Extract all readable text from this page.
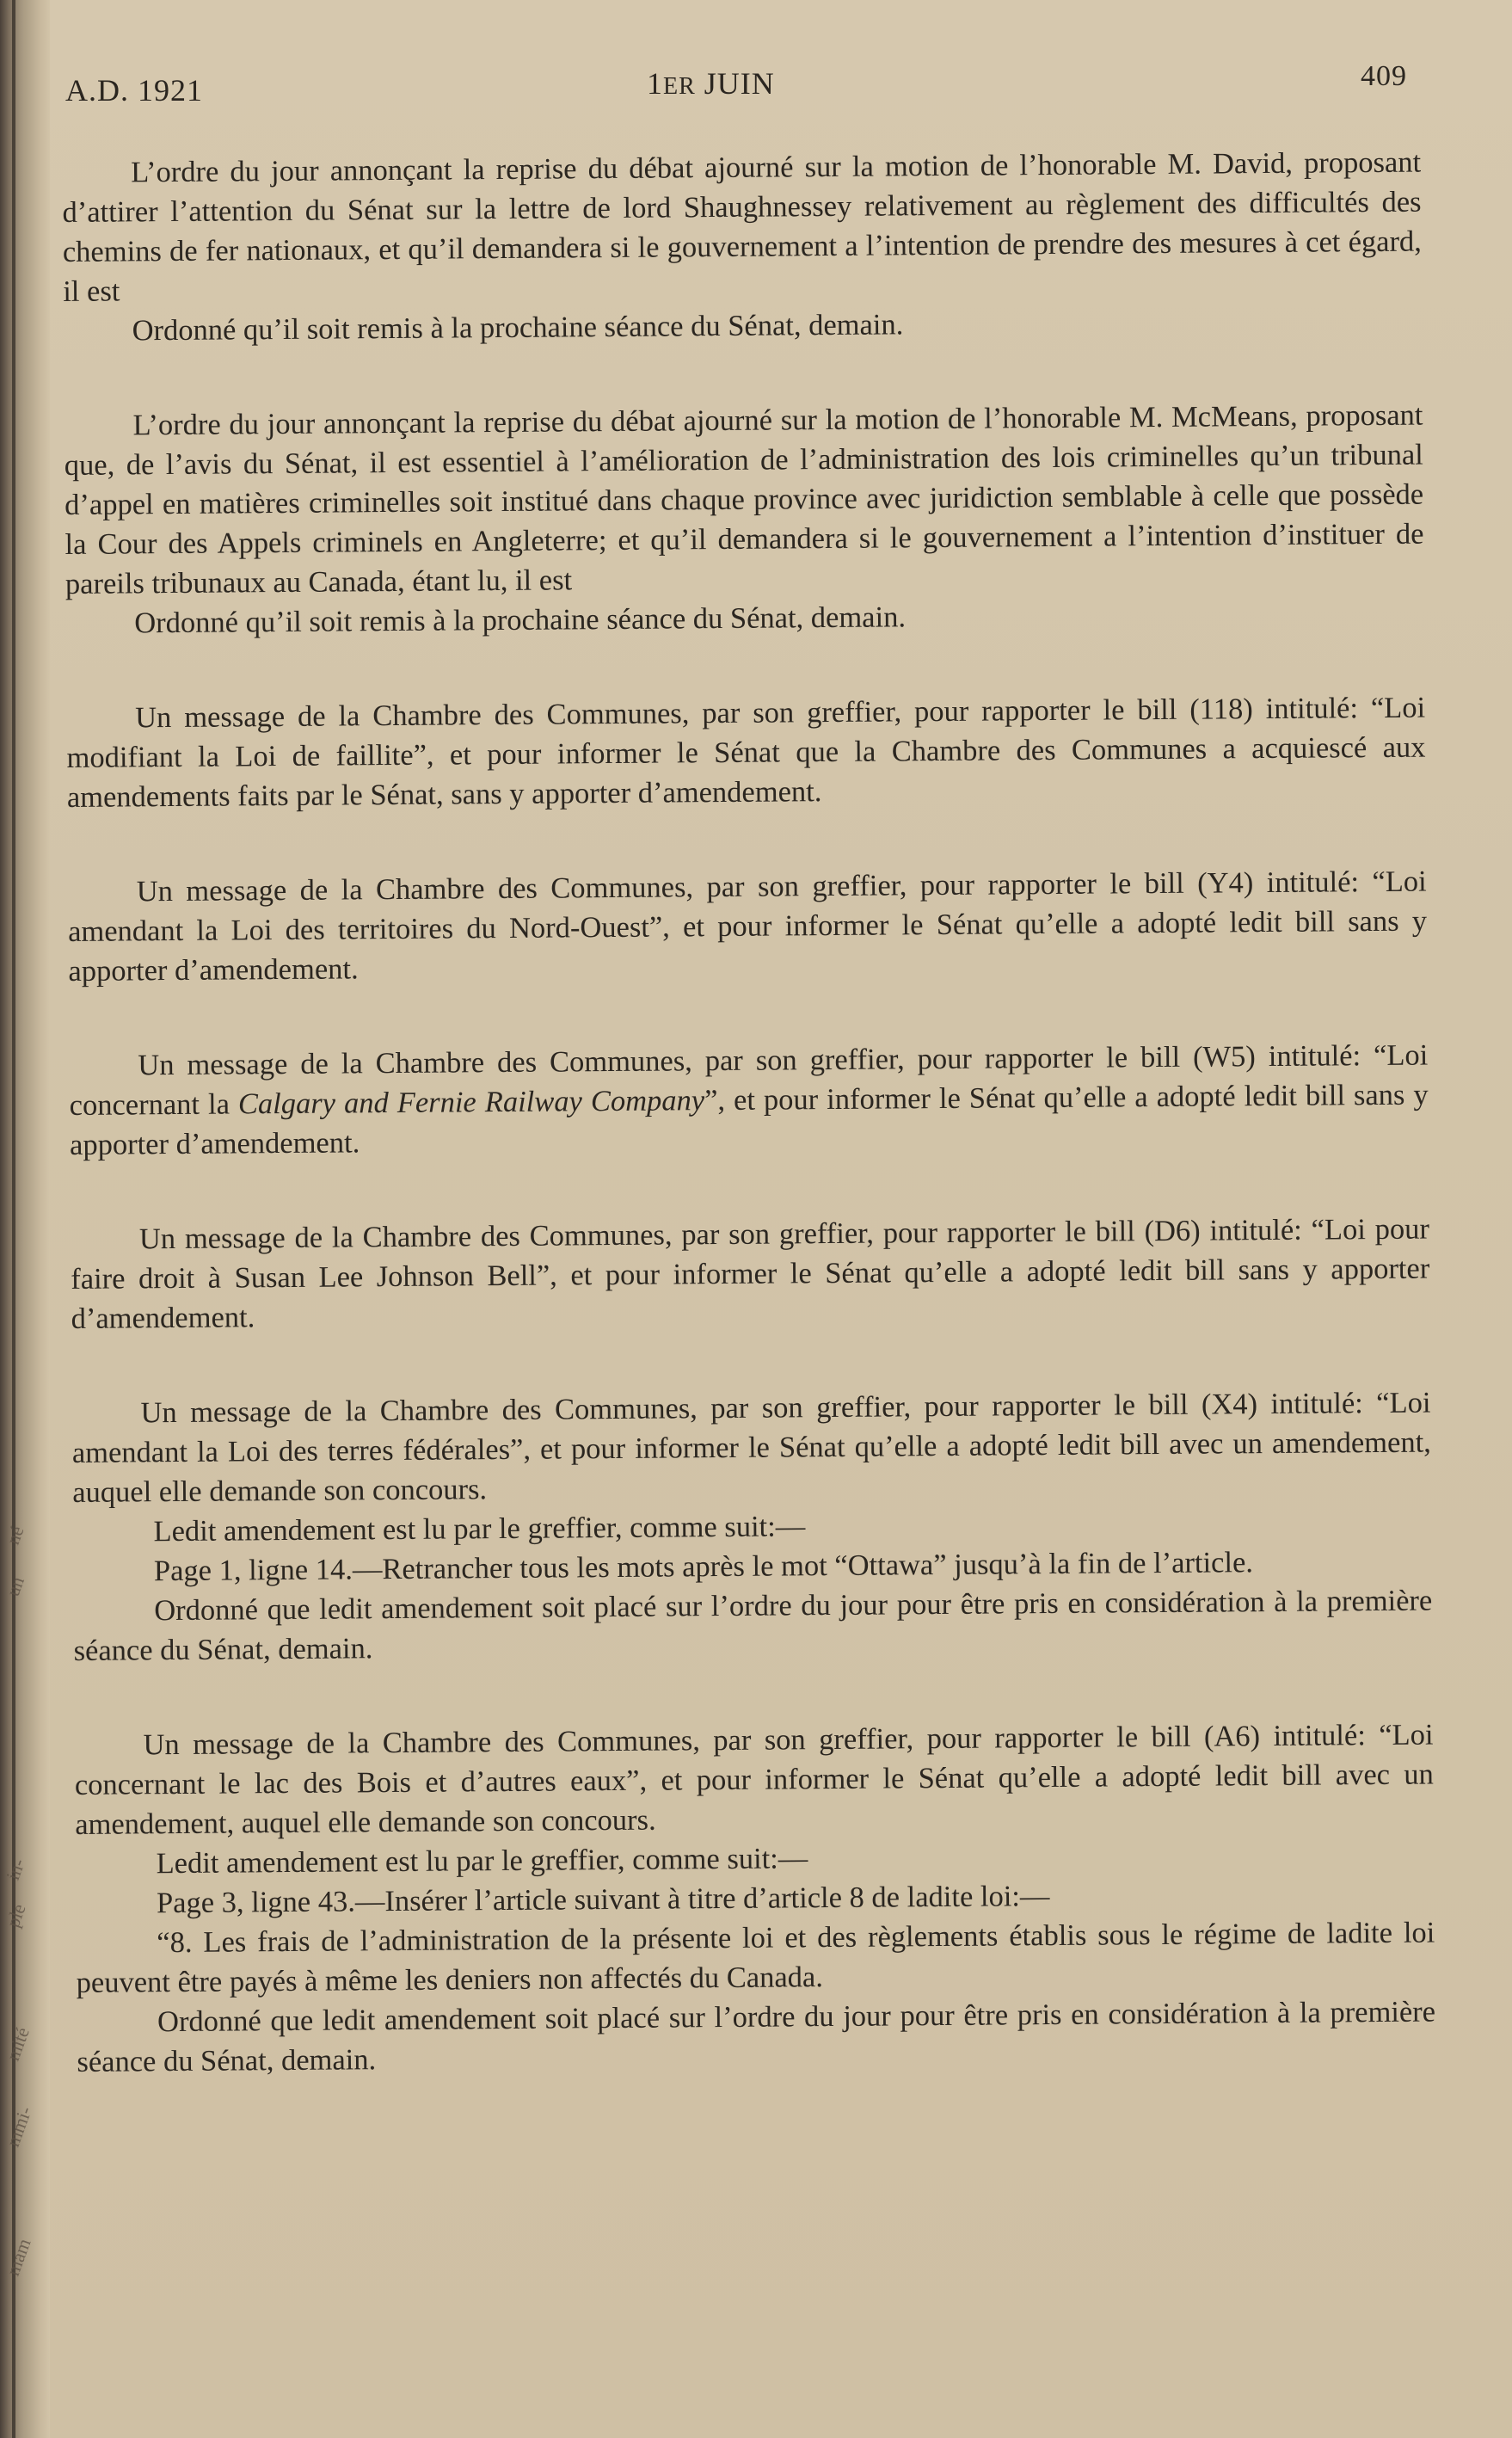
né
un
in-
ple
mité
mmi-
mam
A.D. 1921	1ER JUIN	409

L’ordre du jour annonçant la reprise du débat ajourné sur la motion de l’honorable M. David, proposant d’attirer l’attention du Sénat sur la lettre de lord Shaughnessey relativement au règlement des difficultés des chemins de fer nationaux, et qu’il demandera si le gouvernement a l’intention de prendre des mesures à cet égard, il est

Ordonné qu’il soit remis à la prochaine séance du Sénat, demain.

L’ordre du jour annonçant la reprise du débat ajourné sur la motion de l’honorable M. McMeans, proposant que, de l’avis du Sénat, il est essentiel à l’amélioration de l’administration des lois criminelles qu’un tribunal d’appel en matières criminelles soit institué dans chaque province avec juridiction semblable à celle que possède la Cour des Appels criminels en Angleterre; et qu’il demandera si le gouvernement a l’intention d’instituer de pareils tribunaux au Canada, étant lu, il est

Ordonné qu’il soit remis à la prochaine séance du Sénat, demain.

Un message de la Chambre des Communes, par son greffier, pour rapporter le bill (118) intitulé: “Loi modifiant la Loi de faillite”, et pour informer le Sénat que la Chambre des Communes a acquiescé aux amendements faits par le Sénat, sans y apporter d’amendement.

Un message de la Chambre des Communes, par son greffier, pour rapporter le bill (Y4) intitulé: “Loi amendant la Loi des territoires du Nord-Ouest”, et pour informer le Sénat qu’elle a adopté ledit bill sans y apporter d’amendement.

Un message de la Chambre des Communes, par son greffier, pour rapporter le bill (W5) intitulé: “Loi concernant la Calgary and Fernie Railway Company”, et pour informer le Sénat qu’elle a adopté ledit bill sans y apporter d’amendement.

Un message de la Chambre des Communes, par son greffier, pour rapporter le bill (D6) intitulé: “Loi pour faire droit à Susan Lee Johnson Bell”, et pour informer le Sénat qu’elle a adopté ledit bill sans y apporter d’amendement.

Un message de la Chambre des Communes, par son greffier, pour rapporter le bill (X4) intitulé: “Loi amendant la Loi des terres fédérales”, et pour informer le Sénat qu’elle a adopté ledit bill avec un amendement, auquel elle demande son concours.

Ledit amendement est lu par le greffier, comme suit:—

Page 1, ligne 14.—Retrancher tous les mots après le mot “Ottawa” jusqu’à la fin de l’article.

Ordonné que ledit amendement soit placé sur l’ordre du jour pour être pris en considération à la première séance du Sénat, demain.

Un message de la Chambre des Communes, par son greffier, pour rapporter le bill (A6) intitulé: “Loi concernant le lac des Bois et d’autres eaux”, et pour informer le Sénat qu’elle a adopté ledit bill avec un amendement, auquel elle demande son concours.

Ledit amendement est lu par le greffier, comme suit:—

Page 3, ligne 43.—Insérer l’article suivant à titre d’article 8 de ladite loi:—

“8. Les frais de l’administration de la présente loi et des règlements établis sous le régime de ladite loi peuvent être payés à même les deniers non affectés du Canada.

Ordonné que ledit amendement soit placé sur l’ordre du jour pour être pris en considération à la première séance du Sénat, demain.
